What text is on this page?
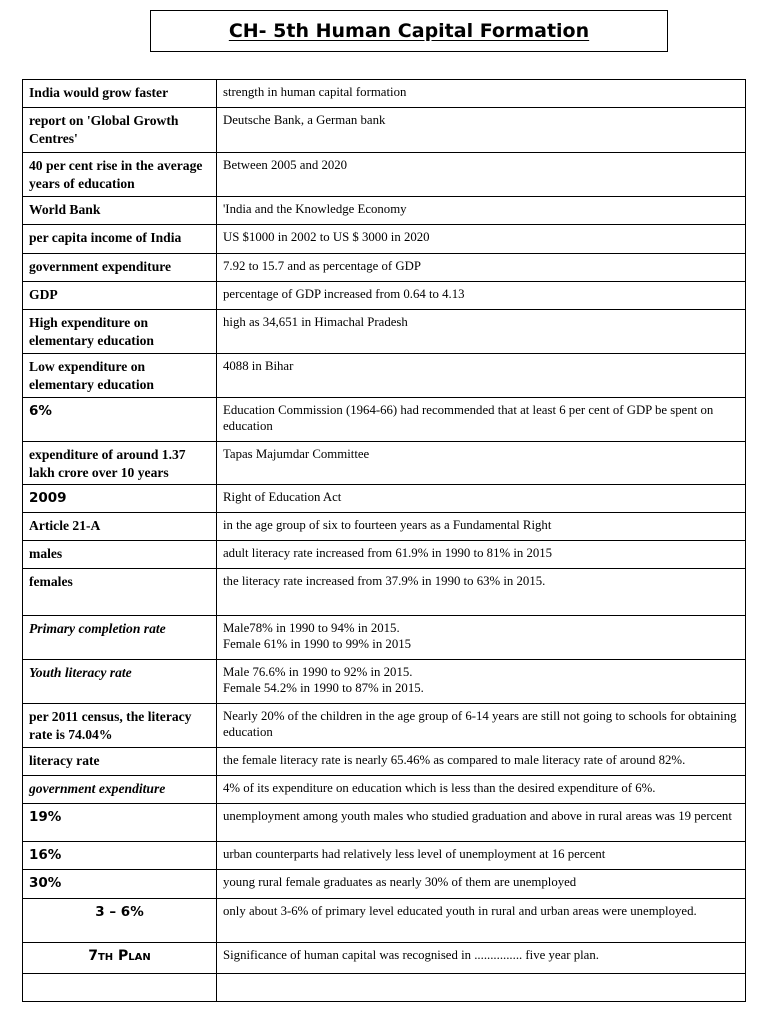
CH- 5th Human Capital Formation
India would grow faster	strength in human capital formation

report on 'Global Growth Centres'	Deutsche Bank, a German bank

40 per cent rise in the average years of education	Between 2005 and 2020

World Bank	'India and the Knowledge Economy

per capita income of India	US $1000 in 2002 to US $ 3000 in 2020

government expenditure	7.92 to 15.7 and as percentage of GDP

GDP	percentage of GDP increased from 0.64 to 4.13

High expenditure on elementary education	high as 34,651 in Himachal Pradesh

Low expenditure on elementary education	4088 in Bihar

6%	Education Commission (1964-66) had recommended that at least 6 per cent of GDP be spent on education

expenditure of around 1.37 lakh crore over 10 years	Tapas Majumdar Committee

2009	Right of Education Act

Article 21-A	in the age group of six to fourteen years as a Fundamental Right

males	adult literacy rate increased from 61.9% in 1990 to 81% in 2015

females	the literacy rate increased from 37.9% in 1990 to 63% in 2015.

Primary completion rate	Male78% in 1990 to 94% in 2015.
Female 61% in 1990 to 99% in 2015

Youth literacy rate	Male 76.6% in 1990 to 92% in 2015.
Female 54.2% in 1990 to 87% in 2015.

per 2011 census, the literacy rate is 74.04%	Nearly 20% of the children in the age group of 6-14 years are still not going to schools for obtaining education

literacy rate	the female literacy rate is nearly 65.46% as compared to male literacy rate of around 82%.

government expenditure	4% of its expenditure on education which is less than the desired expenditure of 6%.

19%	unemployment among youth males who studied graduation and above in rural areas was 19 percent

16%	urban counterparts had relatively less level of unemployment at 16 percent

30%	young rural female graduates as nearly 30% of them are unemployed

3 – 6%	only about 3-6% of primary level educated youth in rural and urban areas were unemployed.

7th Plan	Significance of human capital was recognised in ............... five year plan.
